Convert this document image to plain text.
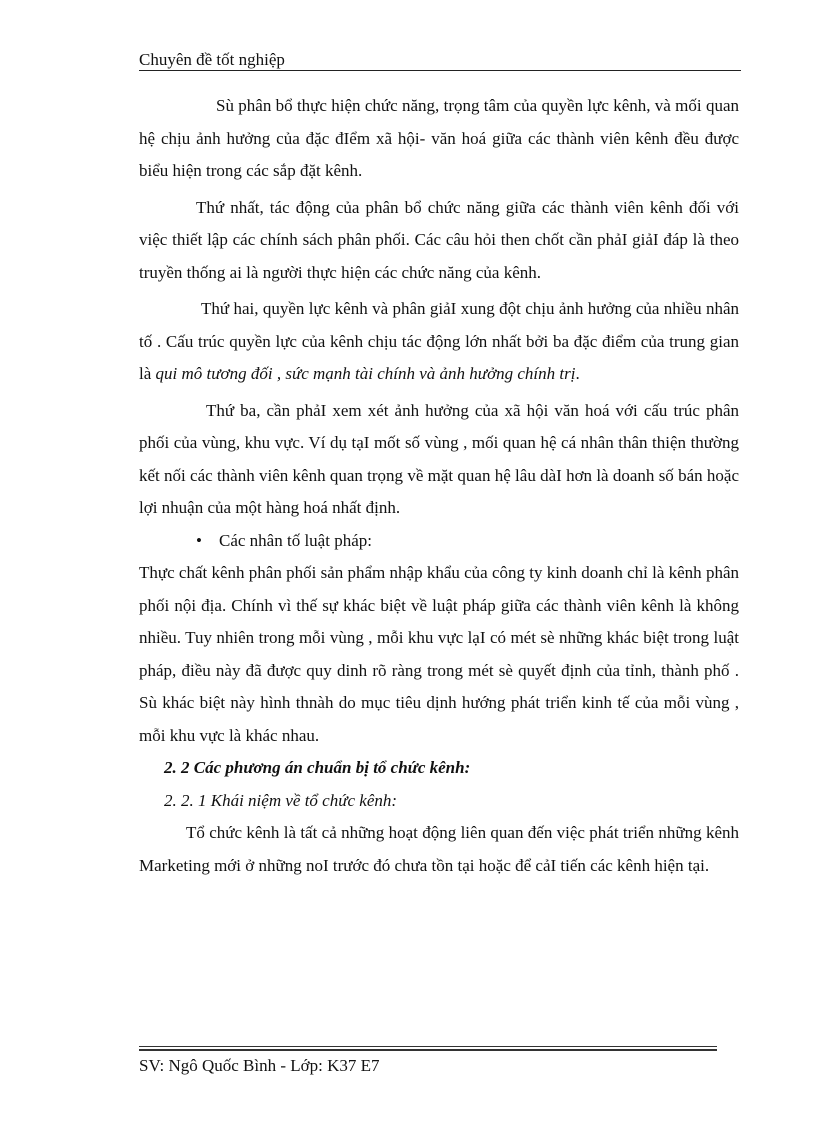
Chuyên đề tốt nghiệp

Sù phân bổ thực hiện chức năng, trọng tâm của quyền lực kênh, và mối quan hệ chịu ảnh hưởng của đặc đIểm xã hội- văn hoá giữa các thành viên kênh đều được biểu hiện trong các sắp đặt kênh.

Thứ nhất, tác động của phân bổ chức năng giữa các thành viên kênh đối với việc thiết lập các chính sách phân phối. Các câu hỏi then chốt cần phảI giảI đáp là theo truyền thống ai là người thực hiện các chức năng của kênh.

Thứ hai, quyền lực kênh và phân giảI xung đột chịu ảnh hưởng của nhiều nhân tố . Cấu trúc quyền lực của kênh chịu tác động lớn nhất bởi ba đặc điểm của trung gian là qui mô tương đối , sức mạnh tài chính và ảnh hưởng chính trị.

Thứ ba, cần phảI xem xét ảnh hưởng của xã hội văn hoá với cấu trúc phân phối của vùng, khu vực. Ví dụ tạI mốt số vùng , mối quan hệ cá nhân thân thiện thường kết nối các thành viên kênh quan trọng về mặt quan hệ lâu dàI hơn là doanh số bán hoặc lợi nhuận của một hàng hoá nhất định.

• Các nhân tố luật pháp:

Thực chất kênh phân phối sản phẩm nhập khẩu của công ty kinh doanh chỉ là kênh phân phối nội địa. Chính vì thế sự khác biệt về luật pháp giữa các thành viên kênh là không nhiều. Tuy nhiên trong mỗi vùng , mỗi khu vực lạI có mét sè những khác biệt trong luật pháp, điều này đã được quy dinh rõ ràng trong mét sè quyết định của tỉnh, thành phố . Sù khác biệt này hình thnàh do mục tiêu dịnh hướng phát triển kinh tế của mỗi vùng , mỗi khu vực là khác nhau.

2. 2 Các phương án chuẩn bị tổ chức kênh:

2. 2. 1 Khái niệm về tổ chức kênh:

Tổ chức kênh là tất cả những hoạt động liên quan đến việc phát triển những kênh Marketing mới ở những noI trước đó chưa tồn tại hoặc để cảI tiến các kênh hiện tại.

SV: Ngô Quốc Bình - Lớp: K37 E7
